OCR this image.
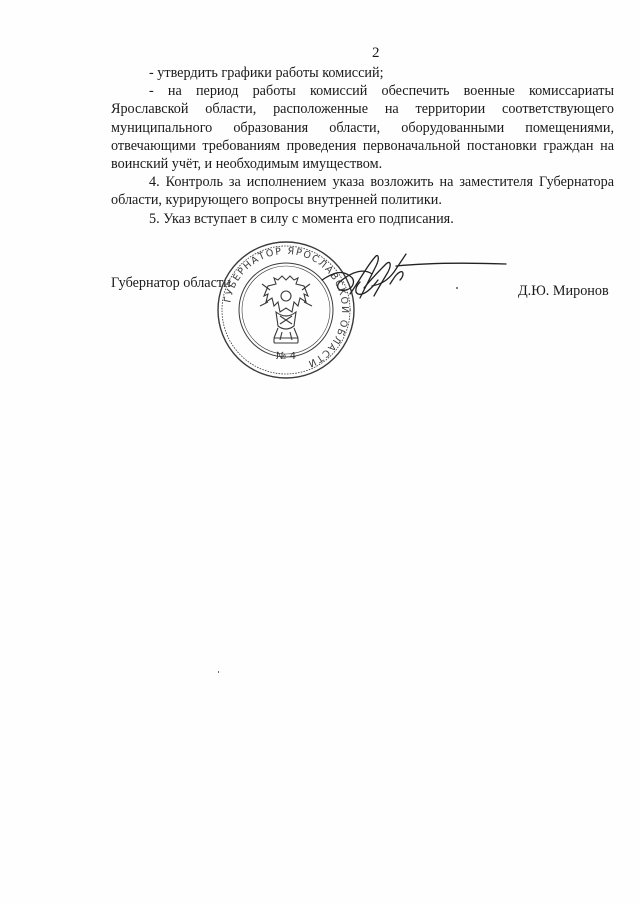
2

- утвердить графики работы комиссий;

- на период работы комиссий обеспечить военные комиссариаты Ярославской области, расположенные на территории соответствующего муниципального образования области, оборудованными помещениями, отвечающими требованиям проведения первоначальной постановки граждан на воинский учёт, и необходимым имуществом.

4. Контроль за исполнением указа возложить на заместителя Губернатора области, курирующего вопросы внутренней политики.

5. Указ вступает в силу с момента его подписания.

Губернатор области
ГУБЕРНАТОР ЯРОСЛАВСКОЙ ОБЛАСТИ
№ 4
Д.Ю. Миронов
